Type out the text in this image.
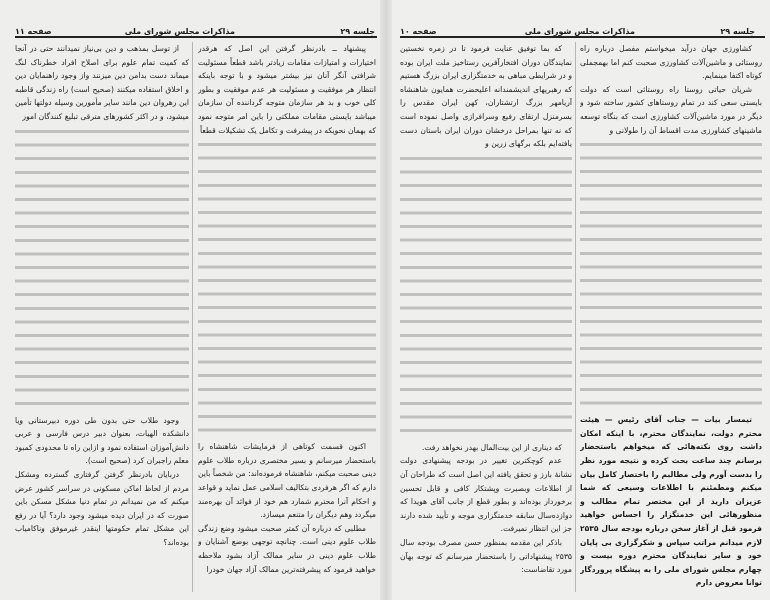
جلسه ۲۹
مذاکرات مجلس شورای ملی
صفحه ۱۱

پیشنهاد ــ بادرنظر گرفتن این اصل که هرقدر اختیارات و امتیازات مقامات زیادتر باشد قطعاً مسئولیت شرافتی آنگر آنان نیز بیشتر میشود و با توجه باینکه انتظار هر موفقیت و مسئولیت هر عدم موفقیت و بطور کلی خوب و بد هر سازمان متوجه گرداننده آن سازمان میباشد بایستی مقامات مملکتی را باین امر متوجه نمود که بهمان نحویکه در پیشرفت و تکامل یک تشکیلات قطعاً

اکنون قسمت کوتاهی از فرمایشات شاهنشاه را باستحضار میرسانم و بسیر مختصری درباره طلاب علوم دینی صحبت میکنم، شاهنشاه فرموده‌اند: من شخصاً باین دارم که اگر هرفردی بتکالیف اسلامی عمل نماید و قواعد و احکام آنرا محترم شمارد هم خود از فوائد آن بهره‌مند میگردد وهم دیگران را متنعم میسازد.

مطلبی که درباره آن کمتر صحبت میشود وضع زندگی طلاب علوم دینی است. چنانچه توجهی بوضع آشنایان و طلاب علوم دینی در سایر ممالک آزاد بشود ملاحظه خواهید فرمود که پیشرفته‌ترین ممالک آزاد جهان خودرا

از توسل بمذهب و دین بی‌نیاز نمیدانند حتی در آنجا که کمیت تمام علوم برای اصلاح افراد خطرناک لنگ میماند دست بدامن دین میزنند واز وجود راهنمایان دین و اخلاق استفاده میکنند (صحیح است) راه زندگی قاطبه این رهروان دین مانند سایر مأمورین وسیله دولتها تأمین میشود، و در اکثر کشورهای مترقی تبلیغ کنندگان امور

وجود طلاب حتی بدون طی دوره دبیرستانی ویا دانشکده الهیات، بعنوان دبیر درس فارسی و عربی دانش‌آموزان استفاده نمود و ازاین راه تا محدودی کمبود معلم راجبران کرد (صحیح است).

دربایان بادرنظر گرفتن گرفتاری گسترده ومشکل مردم از لحاظ اماکن مسکونی در سراسر کشور عرض میکنم که من نمیدانم در تمام دنیا مشکل مسکن باین صورت که در ایران دیده میشود وجود دارد؟ آیا در رفع این مشکل تمام حکومتها اینقدر غیرموفق وناکامیاب بوده‌اند؟

جلسه ۲۹
مذاکرات مجلس شورای ملی
صفحه ۱۰

کشاورزی جهان درآید میخواستم مفصل درباره راه روستائی و ماشین‌آلات کشاورزی صحبت کنم اما بهمجملی کوتاه اکتفا مینمایم.

شریان حیاتی روستا راه روستائی است که دولت بایستی سعی کند در تمام روستاهای کشور ساخته شود و دیگر در مورد ماشین‌آلات کشاورزی است که بنگاه توسعه ماشینهای کشاورزی مدت اقساط آن را طولانی و

تیمسار بیات — جناب آقای رئیس — هیئت محترم دولت، نمایندگان محترم، با اینکه امکان داشت روی نکته‌هائی که میخواهم باستحضار برسانم چند ساعت بحث کرده و نتیجه مورد نظر را بدست آورم ولی مطالبم را باختصار کامل بیان میکنم ومطمئنم با اطلاعات وسیعی که شما عزیزان دارید از این مختصر تمام مطالب و منظورهائی این خدمتگزار را احساس خواهید فرمود قبل از آغاز سخن درباره بودجه سال ۲۵۳۵ لازم میدانم مراتب سپاس و شکرگزاری بی پایان خود و سایر نمایندگان محترم دوره بیست و چهارم مجلس شورای ملی را به پیشگاه پروردگار توانا معروض دارم

که بما توفیق عنایت فرمود تا در زمره نخستین نمایندگان دوران افتخارآفرین رستاخیز ملت ایران بوده و در شرایطی مباهی به خدمتگزاری ایران بزرگ هستیم که رهبریهای اندیشمندانه اعلیحضرت همایون شاهنشاه آریامهر بزرگ ارتشتاران، کهن ایران مقدس را بسرمنزل ارتقای رفیع وسرافرازی واصل نموده است که نه تنها بمراحل درخشان دوران ایران باستان دست یافته‌ایم بلکه برگهای زرین و

که دیناری از این بیت‌المال بهدر نخواهد رفت.

عدم کوچکترین تغییر در بودجه پیشنهادی دولت نشانهٔ بارز و تحقق یافته این اصل است که طراحان آن از اطلاعات وبصیرت وپشتکار کافی و قابل تحسین برخوردار بوده‌اند و بطور قطع از جانب آقای هویدا که دوازده‌سال سابقه خدمتگزاری موجه و تأیید شده دارند جز این انتظار نمیرفت.

باذکر این مقدمه بمنظور حسن مصرف بودجه سال ۲۵۳۵ پیشنهاداتی را باستحضار میرسانم که توجه بهآن مورد تقاضاست:
